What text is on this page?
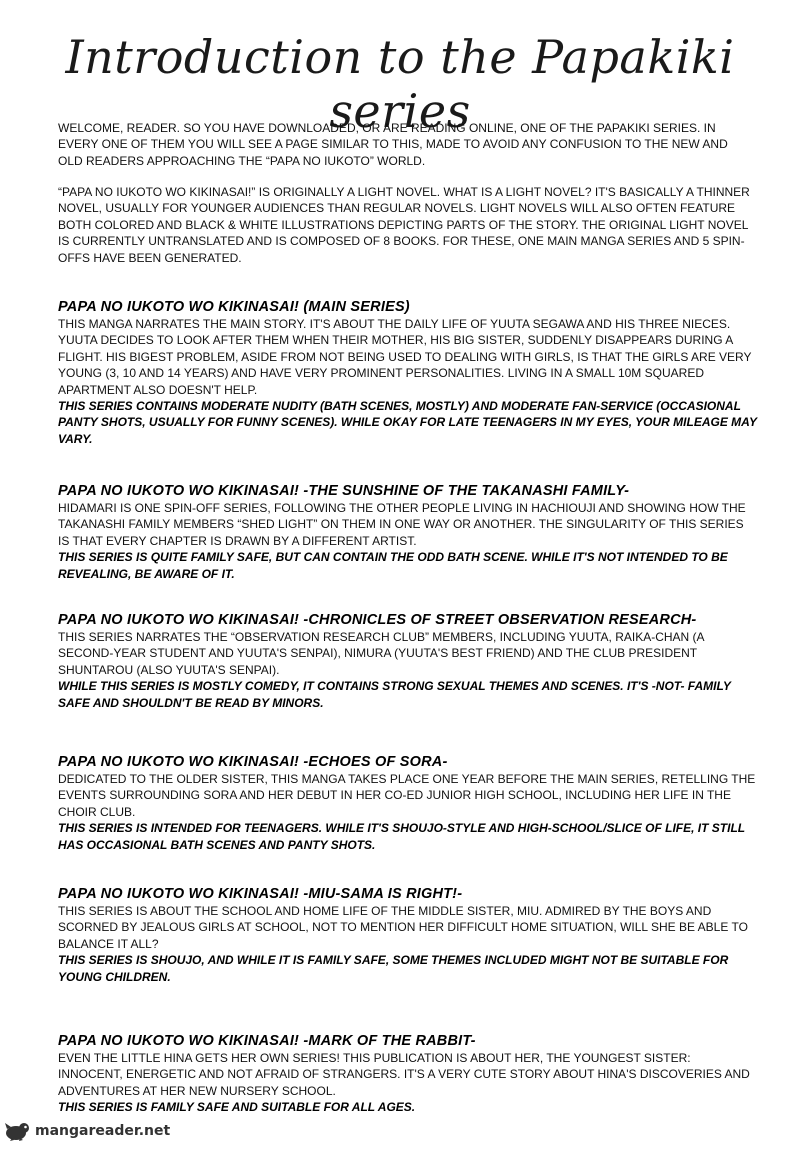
Introduction to the Papakiki series

WELCOME, READER. SO YOU HAVE DOWNLOADED, OR ARE READING ONLINE, ONE OF THE PAPAKIKI SERIES. IN EVERY ONE OF THEM YOU WILL SEE A PAGE SIMILAR TO THIS, MADE TO AVOID ANY CONFUSION TO THE NEW AND OLD READERS APPROACHING THE “PAPA NO IUKOTO” WORLD.

“PAPA NO IUKOTO WO KIKINASAI!” IS ORIGINALLY A LIGHT NOVEL. WHAT IS A LIGHT NOVEL? IT'S BASICALLY A THINNER NOVEL, USUALLY FOR YOUNGER AUDIENCES THAN REGULAR NOVELS. LIGHT NOVELS WILL ALSO OFTEN FEATURE BOTH COLORED AND BLACK & WHITE ILLUSTRATIONS DEPICTING PARTS OF THE STORY. THE ORIGINAL LIGHT NOVEL IS CURRENTLY UNTRANSLATED AND IS COMPOSED OF 8 BOOKS. FOR THESE, ONE MAIN MANGA SERIES AND 5 SPIN-OFFS HAVE BEEN GENERATED.

PAPA NO IUKOTO WO KIKINASAI! (MAIN SERIES)

THIS MANGA NARRATES THE MAIN STORY. IT'S ABOUT THE DAILY LIFE OF YUUTA SEGAWA AND HIS THREE NIECES. YUUTA DECIDES TO LOOK AFTER THEM WHEN THEIR MOTHER, HIS BIG SISTER, SUDDENLY DISAPPEARS DURING A FLIGHT. HIS BIGEST PROBLEM, ASIDE FROM NOT BEING USED TO DEALING WITH GIRLS, IS THAT THE GIRLS ARE VERY YOUNG (3, 10 AND 14 YEARS) AND HAVE VERY PROMINENT PERSONALITIES. LIVING IN A SMALL 10M SQUARED APARTMENT ALSO DOESN'T HELP.

THIS SERIES CONTAINS MODERATE NUDITY (BATH SCENES, MOSTLY) AND MODERATE FAN-SERVICE (OCCASIONAL PANTY SHOTS, USUALLY FOR FUNNY SCENES). WHILE OKAY FOR LATE TEENAGERS IN MY EYES, YOUR MILEAGE MAY VARY.

PAPA NO IUKOTO WO KIKINASAI! -THE SUNSHINE OF THE TAKANASHI FAMILY-

HIDAMARI IS ONE SPIN-OFF SERIES, FOLLOWING THE OTHER PEOPLE LIVING IN HACHIOUJI AND SHOWING HOW THE TAKANASHI FAMILY MEMBERS “SHED LIGHT” ON THEM IN ONE WAY OR ANOTHER. THE SINGULARITY OF THIS SERIES IS THAT EVERY CHAPTER IS DRAWN BY A DIFFERENT ARTIST.

THIS SERIES IS QUITE FAMILY SAFE, BUT CAN CONTAIN THE ODD BATH SCENE. WHILE IT'S NOT INTENDED TO BE REVEALING, BE AWARE OF IT.

PAPA NO IUKOTO WO KIKINASAI! -CHRONICLES OF STREET OBSERVATION RESEARCH-

THIS SERIES NARRATES THE “OBSERVATION RESEARCH CLUB” MEMBERS, INCLUDING YUUTA, RAIKA-CHAN (A SECOND-YEAR STUDENT AND YUUTA'S SENPAI), NIMURA (YUUTA'S BEST FRIEND) AND THE CLUB PRESIDENT SHUNTAROU (ALSO YUUTA'S SENPAI).

WHILE THIS SERIES IS MOSTLY COMEDY, IT CONTAINS STRONG SEXUAL THEMES AND SCENES. IT'S -NOT- FAMILY SAFE AND SHOULDN'T BE READ BY MINORS.

PAPA NO IUKOTO WO KIKINASAI! -ECHOES OF SORA-

DEDICATED TO THE OLDER SISTER, THIS MANGA TAKES PLACE ONE YEAR BEFORE THE MAIN SERIES, RETELLING THE EVENTS SURROUNDING SORA AND HER DEBUT IN HER CO-ED JUNIOR HIGH SCHOOL, INCLUDING HER LIFE IN THE CHOIR CLUB.

THIS SERIES IS INTENDED FOR TEENAGERS. WHILE IT'S SHOUJO-STYLE AND HIGH-SCHOOL/SLICE OF LIFE, IT STILL HAS OCCASIONAL BATH SCENES AND PANTY SHOTS.

PAPA NO IUKOTO WO KIKINASAI! -MIU-SAMA IS RIGHT!-

THIS SERIES IS ABOUT THE SCHOOL AND HOME LIFE OF THE MIDDLE SISTER, MIU. ADMIRED BY THE BOYS AND SCORNED BY JEALOUS GIRLS AT SCHOOL, NOT TO MENTION HER DIFFICULT HOME SITUATION, WILL SHE BE ABLE TO BALANCE IT ALL?

THIS SERIES IS SHOUJO, AND WHILE IT IS FAMILY SAFE, SOME THEMES INCLUDED MIGHT NOT BE SUITABLE FOR YOUNG CHILDREN.

PAPA NO IUKOTO WO KIKINASAI! -MARK OF THE RABBIT-

EVEN THE LITTLE HINA GETS HER OWN SERIES! THIS PUBLICATION IS ABOUT HER, THE YOUNGEST SISTER: INNOCENT, ENERGETIC AND NOT AFRAID OF STRANGERS. IT'S A VERY CUTE STORY ABOUT HINA'S DISCOVERIES AND ADVENTURES AT HER NEW NURSERY SCHOOL.

THIS SERIES IS FAMILY SAFE AND SUITABLE FOR ALL AGES.

mangareader.net
